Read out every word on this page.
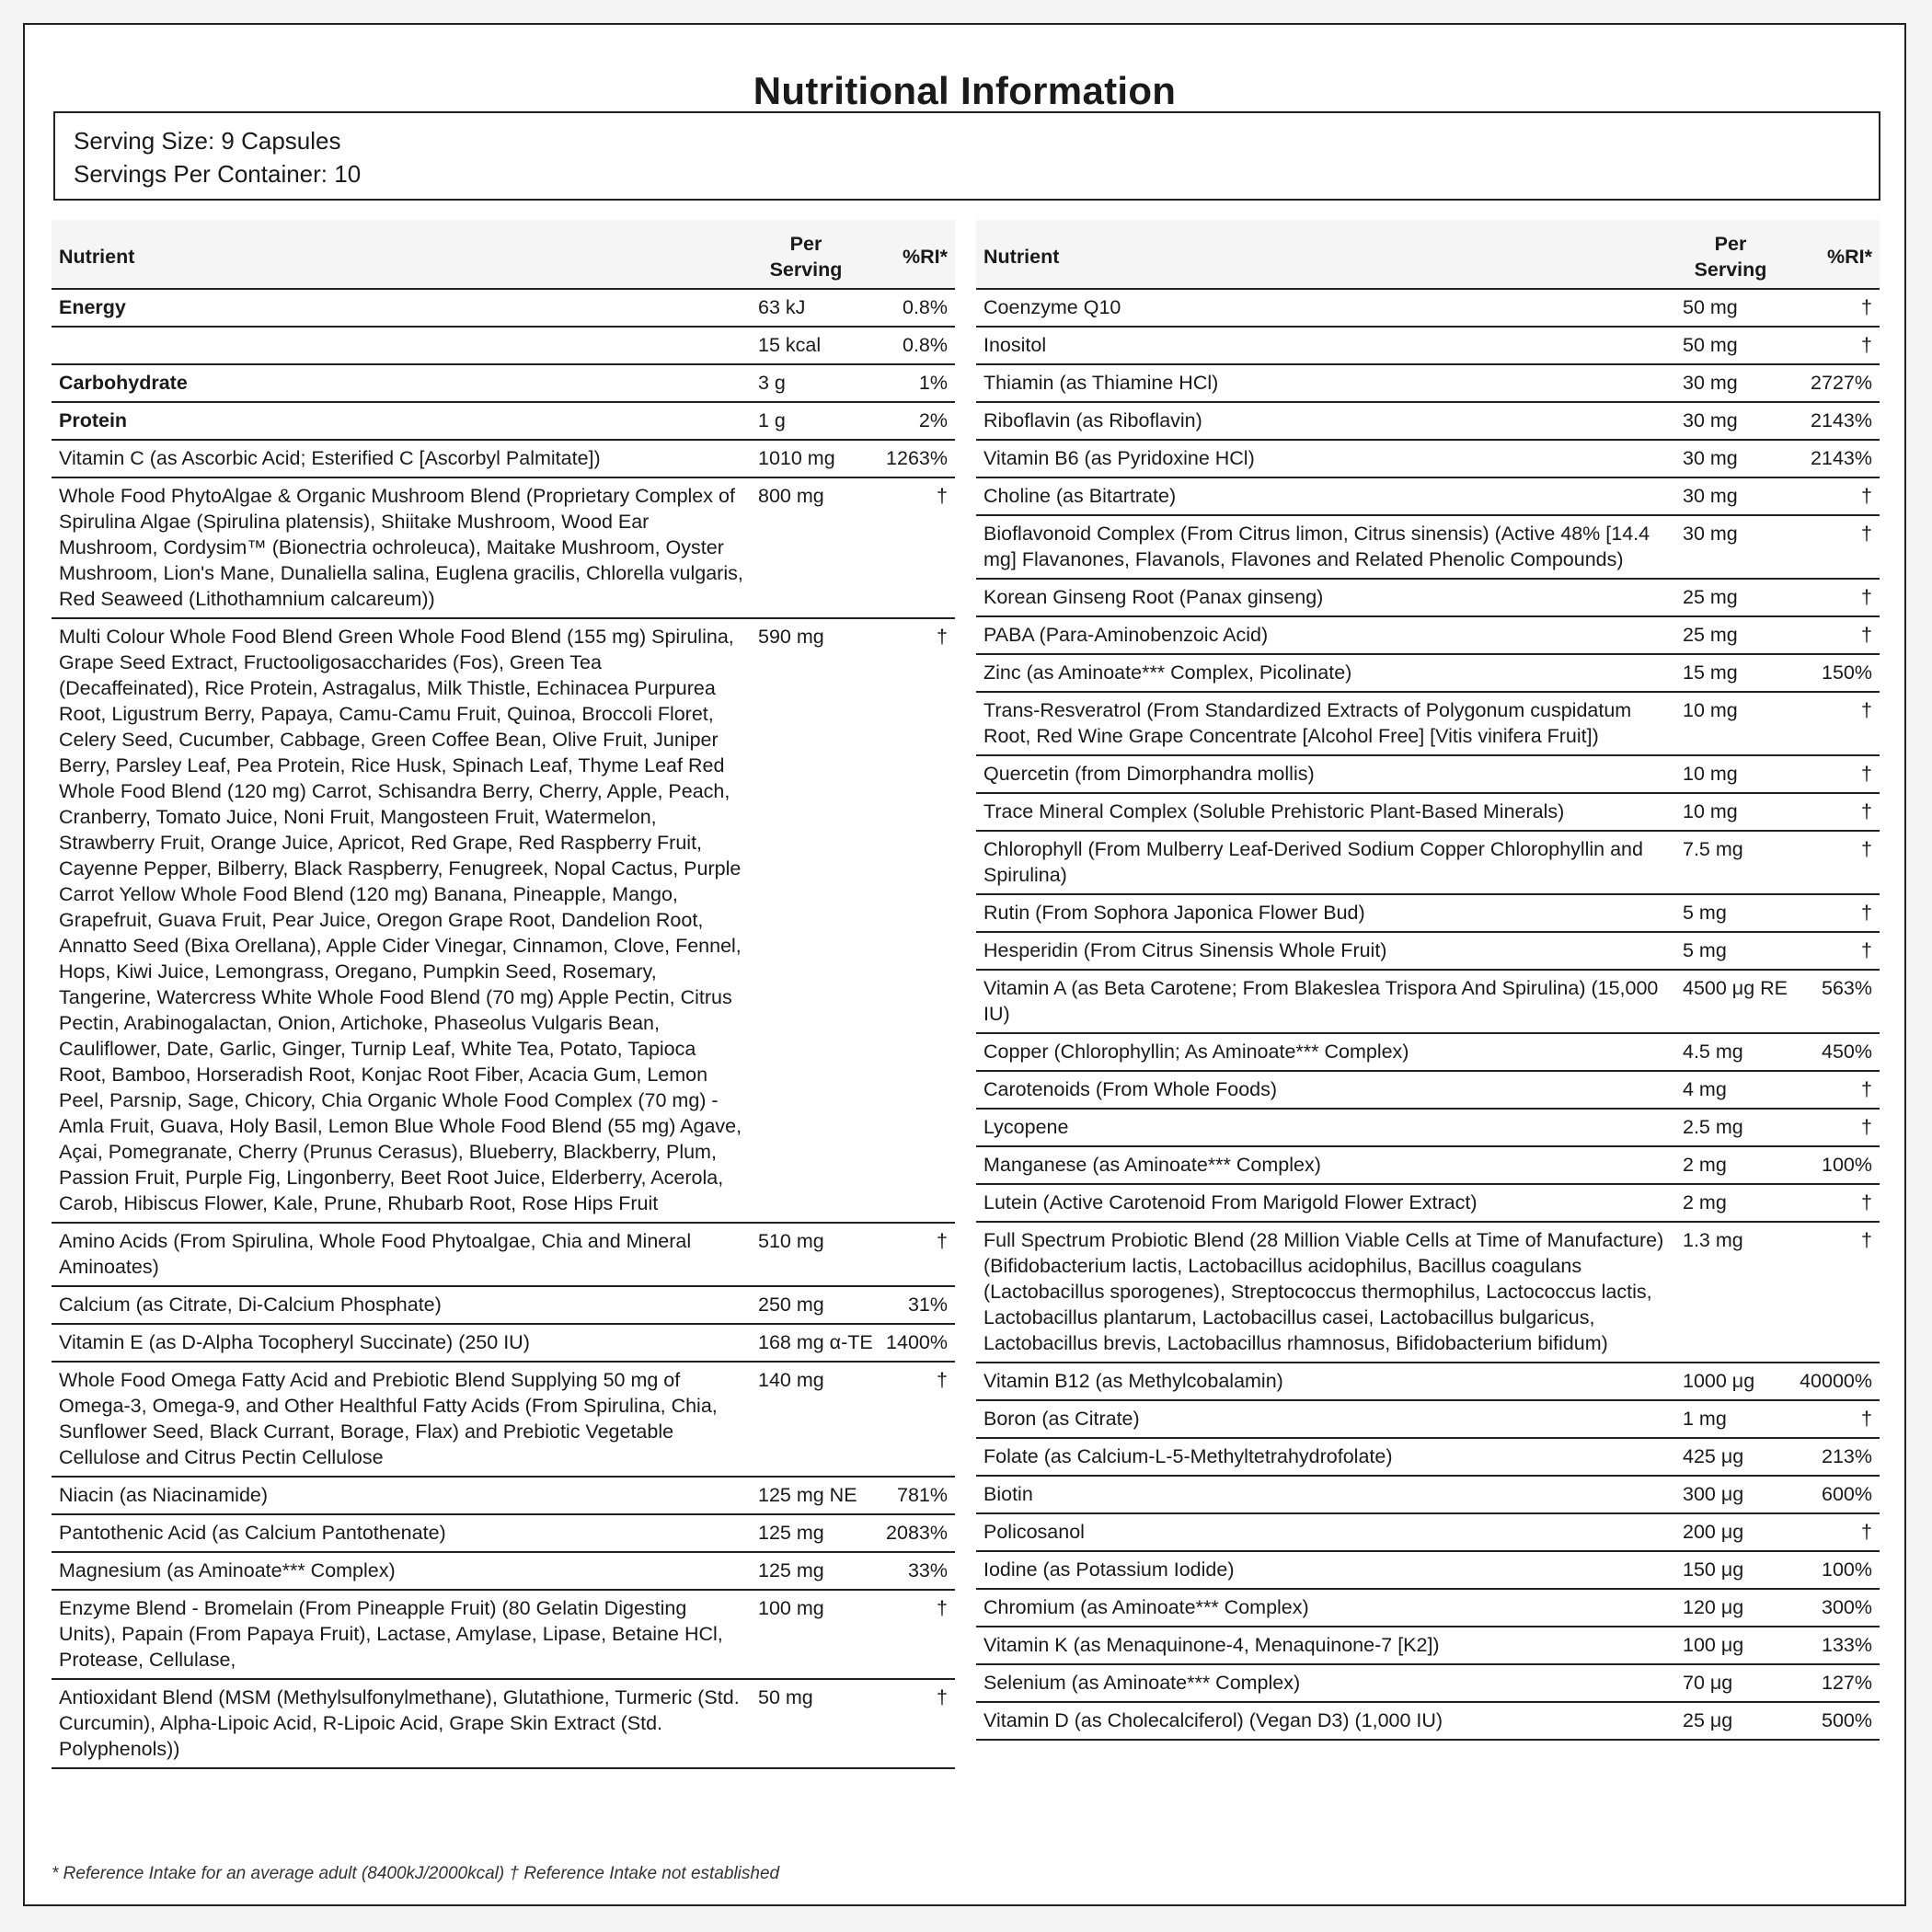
Nutritional Information
Serving Size: 9 Capsules
Servings Per Container: 10
Nutrient	Per Serving	%RI*
Energy	63 kJ	0.8%
	15 kcal	0.8%
Carbohydrate	3 g	1%
Protein	1 g	2%
Vitamin C (as Ascorbic Acid; Esterified C [Ascorbyl Palmitate])	1010 mg	1263%
Whole Food PhytoAlgae & Organic Mushroom Blend (Proprietary Complex of Spirulina Algae (Spirulina platensis), Shiitake Mushroom, Wood Ear Mushroom, Cordysim™ (Bionectria ochroleuca), Maitake Mushroom, Oyster Mushroom, Lion's Mane, Dunaliella salina, Euglena gracilis, Chlorella vulgaris, Red Seaweed (Lithothamnium calcareum))	800 mg	†
Multi Colour Whole Food Blend Green Whole Food Blend (155 mg) Spirulina, Grape Seed Extract, Fructooligosaccharides (Fos), Green Tea (Decaffeinated), Rice Protein, Astragalus, Milk Thistle, Echinacea Purpurea Root, Ligustrum Berry, Papaya, Camu-Camu Fruit, Quinoa, Broccoli Floret, Celery Seed, Cucumber, Cabbage, Green Coffee Bean, Olive Fruit, Juniper Berry, Parsley Leaf, Pea Protein, Rice Husk, Spinach Leaf, Thyme Leaf Red Whole Food Blend (120 mg) Carrot, Schisandra Berry, Cherry, Apple, Peach, Cranberry, Tomato Juice, Noni Fruit, Mangosteen Fruit, Watermelon, Strawberry Fruit, Orange Juice, Apricot, Red Grape, Red Raspberry Fruit, Cayenne Pepper, Bilberry, Black Raspberry, Fenugreek, Nopal Cactus, Purple Carrot Yellow Whole Food Blend (120 mg) Banana, Pineapple, Mango, Grapefruit, Guava Fruit, Pear Juice, Oregon Grape Root, Dandelion Root, Annatto Seed (Bixa Orellana), Apple Cider Vinegar, Cinnamon, Clove, Fennel, Hops, Kiwi Juice, Lemongrass, Oregano, Pumpkin Seed, Rosemary, Tangerine, Watercress White Whole Food Blend (70 mg) Apple Pectin, Citrus Pectin, Arabinogalactan, Onion, Artichoke, Phaseolus Vulgaris Bean, Cauliflower, Date, Garlic, Ginger, Turnip Leaf, White Tea, Potato, Tapioca Root, Bamboo, Horseradish Root, Konjac Root Fiber, Acacia Gum, Lemon Peel, Parsnip, Sage, Chicory, Chia Organic Whole Food Complex (70 mg) - Amla Fruit, Guava, Holy Basil, Lemon Blue Whole Food Blend (55 mg) Agave, Açai, Pomegranate, Cherry (Prunus Cerasus), Blueberry, Blackberry, Plum, Passion Fruit, Purple Fig, Lingonberry, Beet Root Juice, Elderberry, Acerola, Carob, Hibiscus Flower, Kale, Prune, Rhubarb Root, Rose Hips Fruit	590 mg	†
Amino Acids (From Spirulina, Whole Food Phytoalgae, Chia and Mineral Aminoates)	510 mg	†
Calcium (as Citrate, Di-Calcium Phosphate)	250 mg	31%
Vitamin E (as D-Alpha Tocopheryl Succinate) (250 IU)	168 mg α-TE	1400%
Whole Food Omega Fatty Acid and Prebiotic Blend Supplying 50 mg of Omega-3, Omega-9, and Other Healthful Fatty Acids (From Spirulina, Chia, Sunflower Seed, Black Currant, Borage, Flax) and Prebiotic Vegetable Cellulose and Citrus Pectin Cellulose	140 mg	†
Niacin (as Niacinamide)	125 mg NE	781%
Pantothenic Acid (as Calcium Pantothenate)	125 mg	2083%
Magnesium (as Aminoate*** Complex)	125 mg	33%
Enzyme Blend - Bromelain (From Pineapple Fruit) (80 Gelatin Digesting Units), Papain (From Papaya Fruit), Lactase, Amylase, Lipase, Betaine HCl, Protease, Cellulase,	100 mg	†
Antioxidant Blend (MSM (Methylsulfonylmethane), Glutathione, Turmeric (Std. Curcumin), Alpha-Lipoic Acid, R-Lipoic Acid, Grape Skin Extract (Std. Polyphenols))	50 mg	†
Nutrient	Per Serving	%RI*
Coenzyme Q10	50 mg	†
Inositol	50 mg	†
Thiamin (as Thiamine HCl)	30 mg	2727%
Riboflavin (as Riboflavin)	30 mg	2143%
Vitamin B6 (as Pyridoxine HCl)	30 mg	2143%
Choline (as Bitartrate)	30 mg	†
Bioflavonoid Complex (From Citrus limon, Citrus sinensis) (Active 48% [14.4 mg] Flavanones, Flavanols, Flavones and Related Phenolic Compounds)	30 mg	†
Korean Ginseng Root (Panax ginseng)	25 mg	†
PABA (Para-Aminobenzoic Acid)	25 mg	†
Zinc (as Aminoate*** Complex, Picolinate)	15 mg	150%
Trans-Resveratrol (From Standardized Extracts of Polygonum cuspidatum Root, Red Wine Grape Concentrate [Alcohol Free] [Vitis vinifera Fruit])	10 mg	†
Quercetin (from Dimorphandra mollis)	10 mg	†
Trace Mineral Complex (Soluble Prehistoric Plant-Based Minerals)	10 mg	†
Chlorophyll (From Mulberry Leaf-Derived Sodium Copper Chlorophyllin and Spirulina)	7.5 mg	†
Rutin (From Sophora Japonica Flower Bud)	5 mg	†
Hesperidin (From Citrus Sinensis Whole Fruit)	5 mg	†
Vitamin A (as Beta Carotene; From Blakeslea Trispora And Spirulina) (15,000 IU)	4500 μg RE	563%
Copper (Chlorophyllin; As Aminoate*** Complex)	4.5 mg	450%
Carotenoids (From Whole Foods)	4 mg	†
Lycopene	2.5 mg	†
Manganese (as Aminoate*** Complex)	2 mg	100%
Lutein (Active Carotenoid From Marigold Flower Extract)	2 mg	†
Full Spectrum Probiotic Blend (28 Million Viable Cells at Time of Manufacture) (Bifidobacterium lactis, Lactobacillus acidophilus, Bacillus coagulans (Lactobacillus sporogenes), Streptococcus thermophilus, Lactococcus lactis, Lactobacillus plantarum, Lactobacillus casei, Lactobacillus bulgaricus, Lactobacillus brevis, Lactobacillus rhamnosus, Bifidobacterium bifidum)	1.3 mg	†
Vitamin B12 (as Methylcobalamin)	1000 μg	40000%
Boron (as Citrate)	1 mg	†
Folate (as Calcium-L-5-Methyltetrahydrofolate)	425 μg	213%
Biotin	300 μg	600%
Policosanol	200 μg	†
Iodine (as Potassium Iodide)	150 μg	100%
Chromium (as Aminoate*** Complex)	120 μg	300%
Vitamin K (as Menaquinone-4, Menaquinone-7 [K2])	100 μg	133%
Selenium (as Aminoate*** Complex)	70 μg	127%
Vitamin D (as Cholecalciferol) (Vegan D3) (1,000 IU)	25 μg	500%
* Reference Intake for an average adult (8400kJ/2000kcal) † Reference Intake not established
